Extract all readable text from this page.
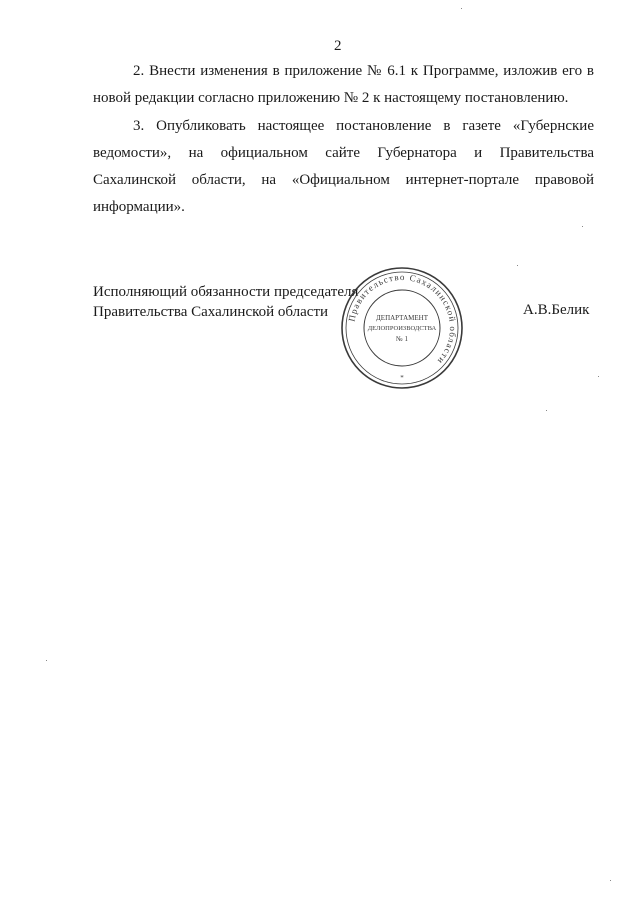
2

2. Внести изменения в приложение № 6.1 к Программе, изложив его в новой редакции согласно приложению № 2 к настоящему постановлению.

3. Опубликовать настоящее постановление в газете «Губернские ведомости», на официальном сайте Губернатора и Правительства Сахалинской области, на «Официальном интернет-портале правовой информации».

Исполняющий обязанности председателя
Правительства Сахалинской области	А.В.Белик
Правительство Сахалинской области
ДЕПАРТАМЕНТ
ДЕЛОПРОИЗВОДСТВА
№ 1
*
